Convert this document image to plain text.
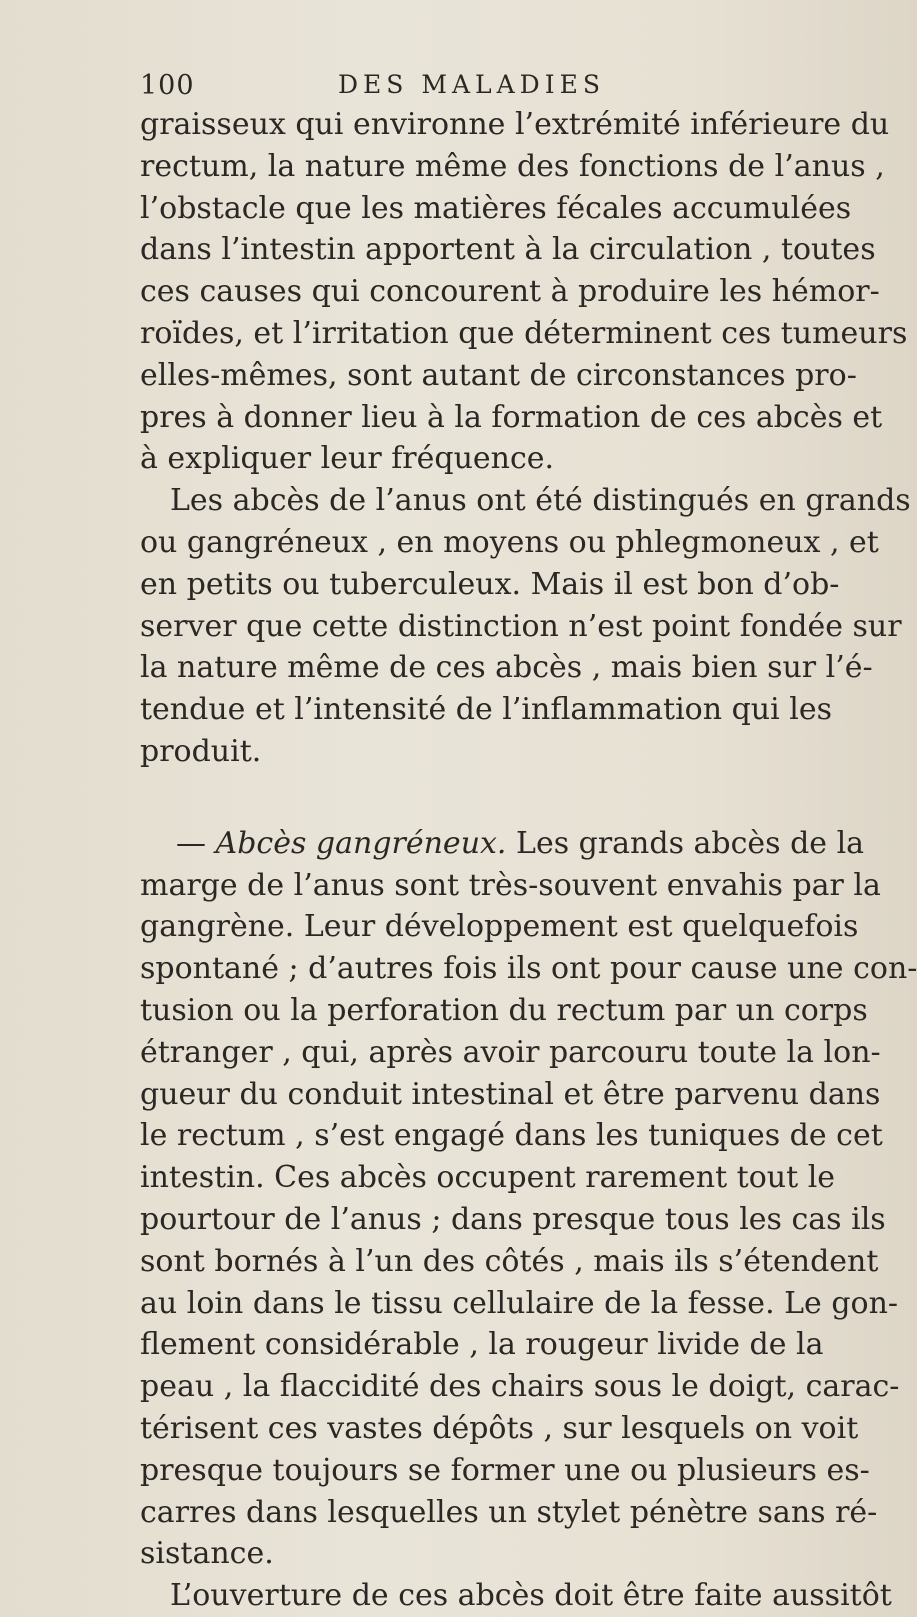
100	DES MALADIES
graisseux qui environne l’extrémité inférieure du
rectum, la nature même des fonctions de l’anus ,
l’obstacle que les matières fécales accumulées
dans l’intestin apportent à la circulation , toutes
ces causes qui concourent à produire les hémor-
roïdes, et l’irritation que déterminent ces tumeurs
elles-mêmes, sont autant de circonstances pro-
pres à donner lieu à la formation de ces abcès et
à expliquer leur fréquence.
Les abcès de l’anus ont été distingués en grands
ou gangréneux , en moyens ou phlegmoneux , et
en petits ou tuberculeux. Mais il est bon d’ob-
server que cette distinction n’est point fondée sur
la nature même de ces abcès , mais bien sur l’é-
tendue et l’intensité de l’inflammation qui les
produit.
— Abcès gangréneux. Les grands abcès de la
marge de l’anus sont très-souvent envahis par la
gangrène. Leur développement est quelquefois
spontané ; d’autres fois ils ont pour cause une con-
tusion ou la perforation du rectum par un corps
étranger , qui, après avoir parcouru toute la lon-
gueur du conduit intestinal et être parvenu dans
le rectum , s’est engagé dans les tuniques de cet
intestin. Ces abcès occupent rarement tout le
pourtour de l’anus ; dans presque tous les cas ils
sont bornés à l’un des côtés , mais ils s’étendent
au loin dans le tissu cellulaire de la fesse. Le gon-
flement considérable , la rougeur livide de la
peau , la flaccidité des chairs sous le doigt, carac-
térisent ces vastes dépôts , sur lesquels on voit
presque toujours se former une ou plusieurs es-
carres dans lesquelles un stylet pénètre sans ré-
sistance.
L’ouverture de ces abcès doit être faite aussitôt
